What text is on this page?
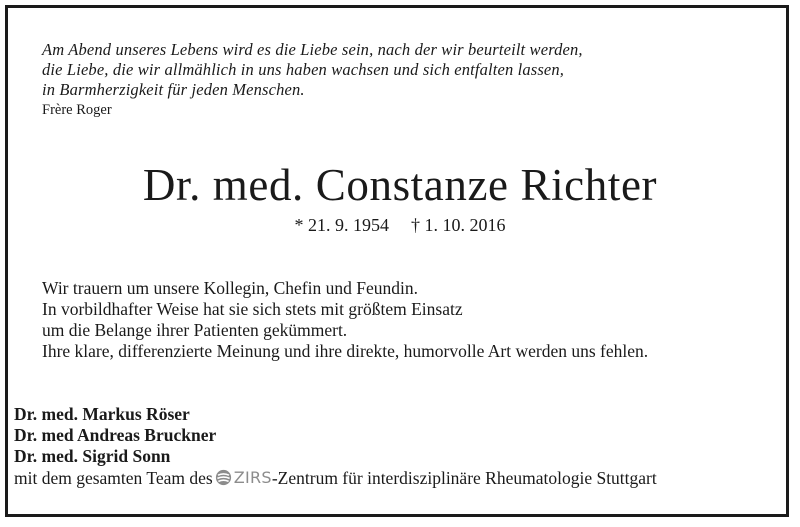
Am Abend unseres Lebens wird es die Liebe sein, nach der wir beurteilt werden,
die Liebe, die wir allmählich in uns haben wachsen und sich entfalten lassen,
in Barmherzigkeit für jeden Menschen.
Frère Roger
Dr. med. Constanze Richter
* 21. 9. 1954 † 1. 10. 2016
Wir trauern um unsere Kollegin, Chefin und Feundin.
In vorbildhafter Weise hat sie sich stets mit größtem Einsatz
um die Belange ihrer Patienten gekümmert.
Ihre klare, differenzierte Meinung und ihre direkte, humorvolle Art werden uns fehlen.
Dr. med. Markus Röser
Dr. med Andreas Bruckner
Dr. med. Sigrid Sonn
mit dem gesamten Team des ZIRS -Zentrum für interdisziplinäre Rheumatologie Stuttgart
